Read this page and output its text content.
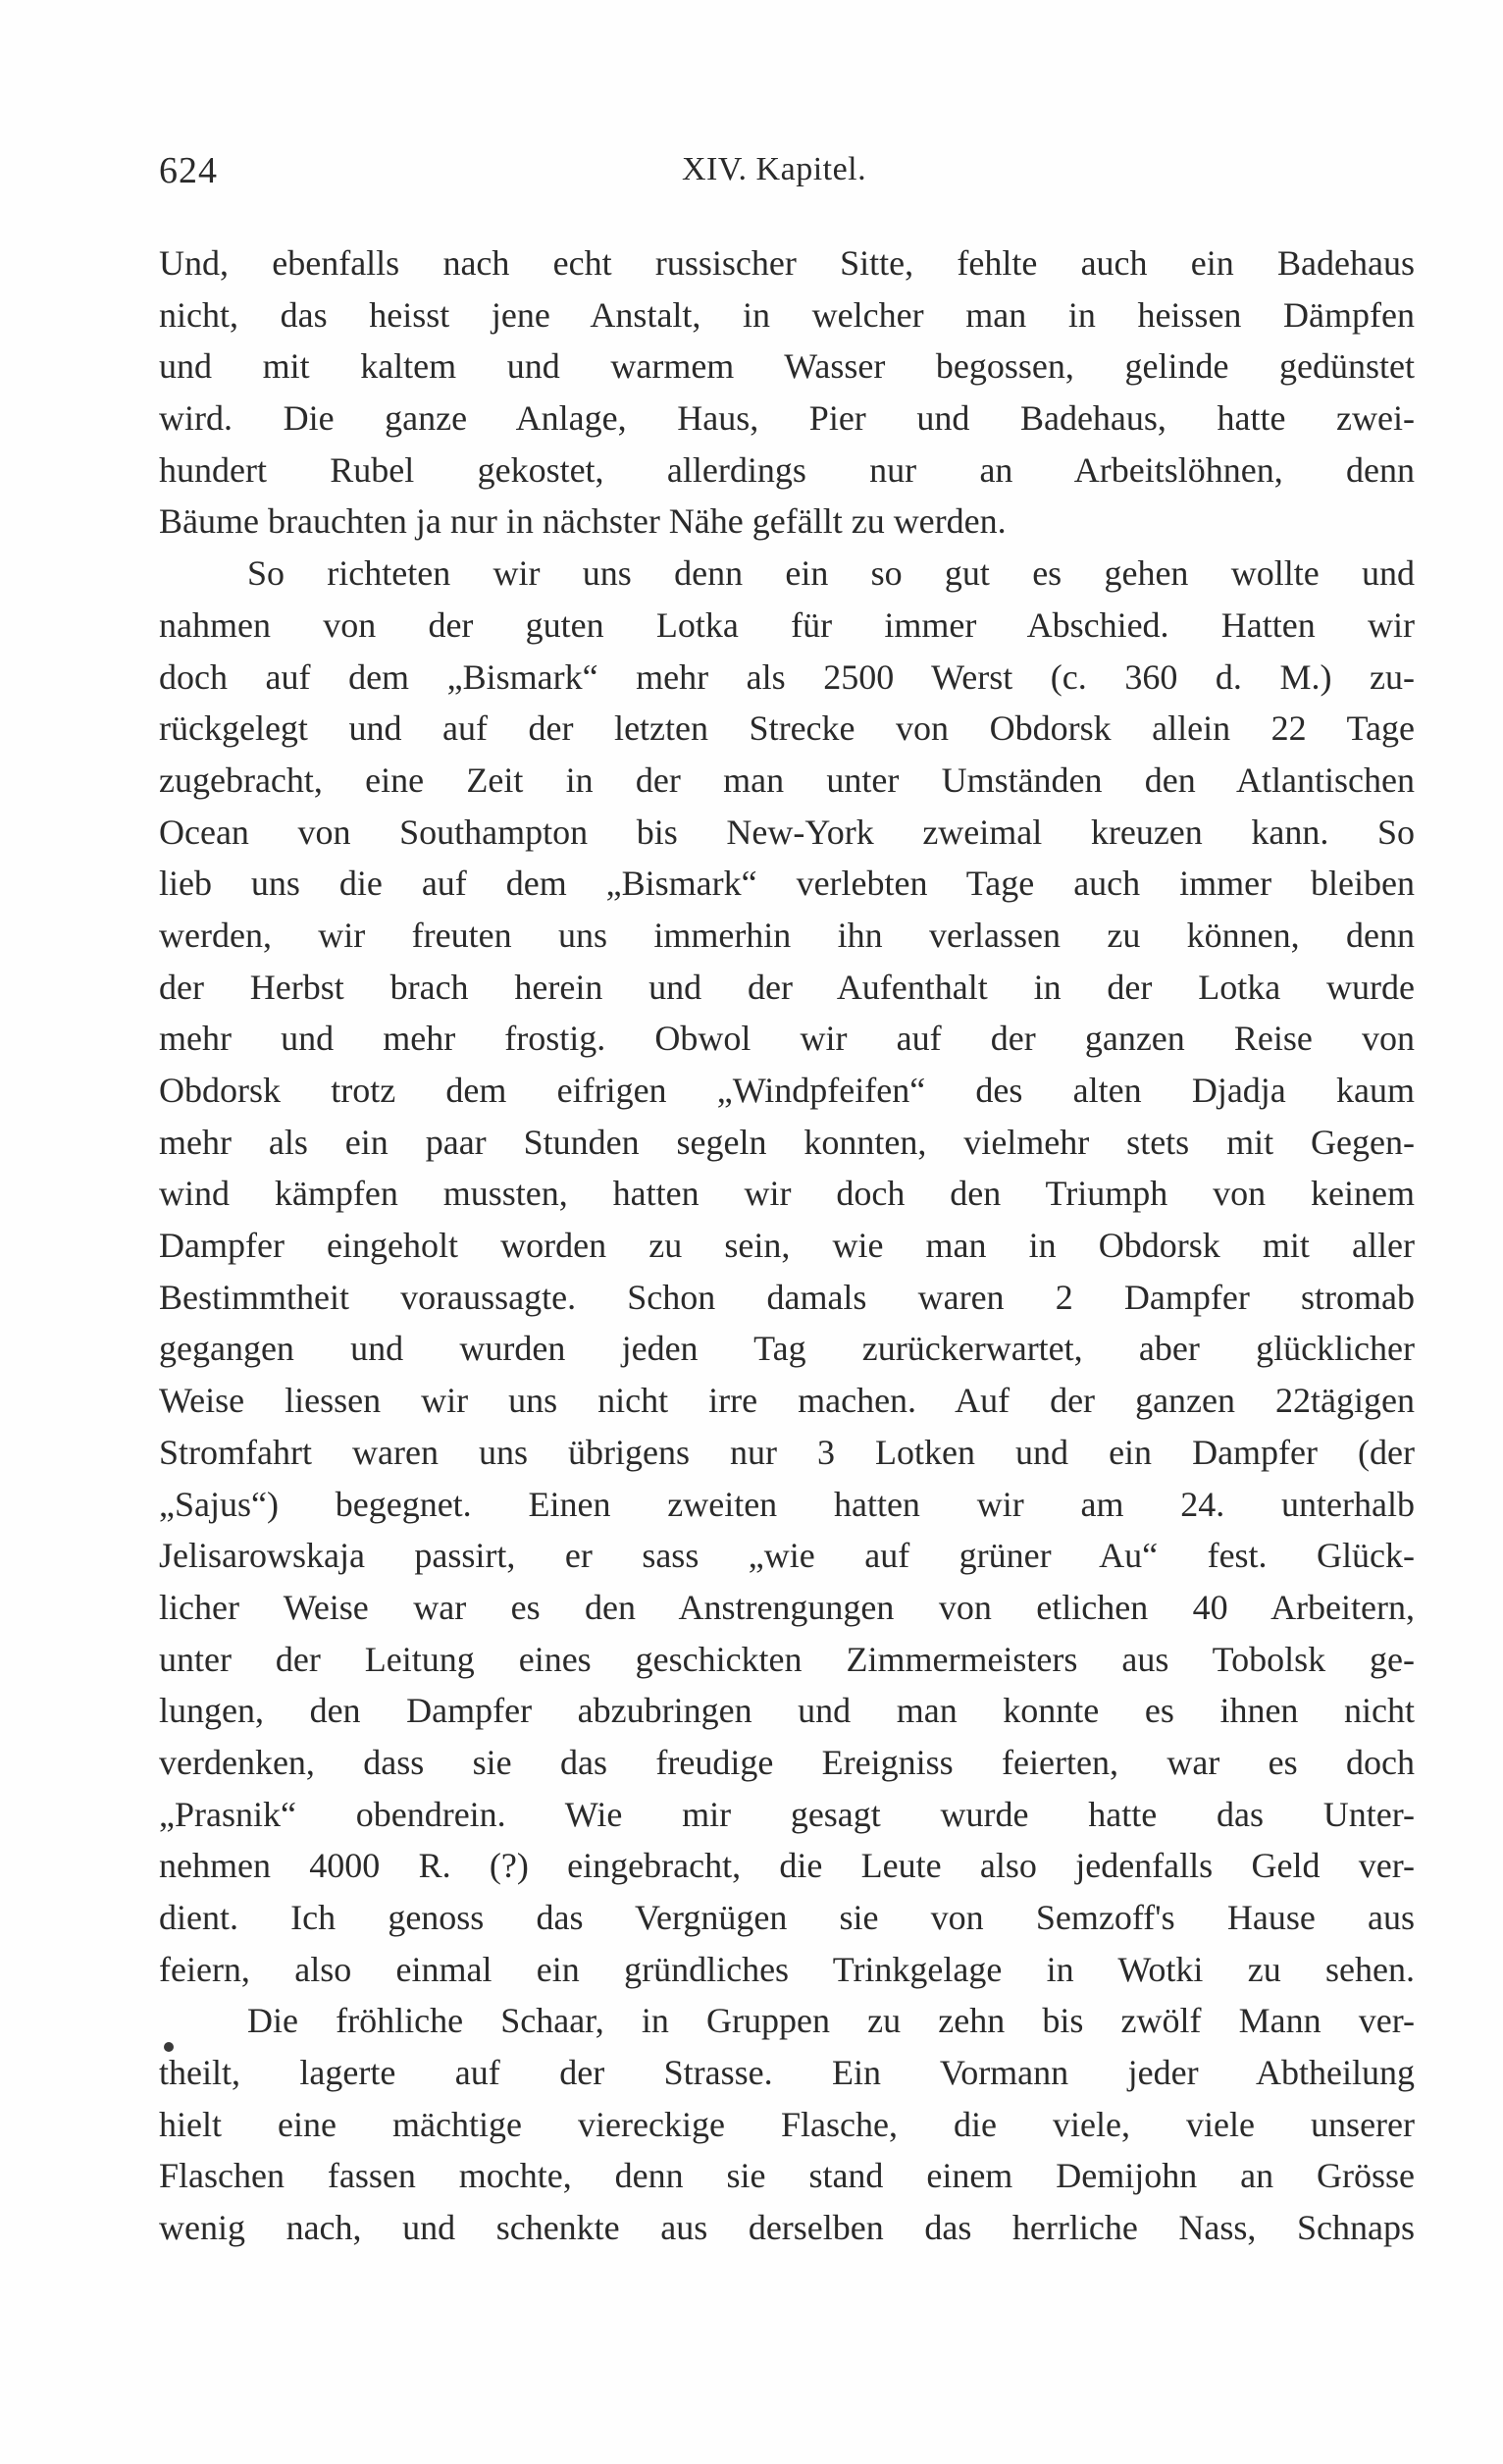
624	XIV. Kapitel.
Und, ebenfalls nach echt russischer Sitte, fehlte auch ein Badehaus
nicht, das heisst jene Anstalt, in welcher man in heissen Dämpfen
und mit kaltem und warmem Wasser begossen, gelinde gedünstet
wird. Die ganze Anlage, Haus, Pier und Badehaus, hatte zwei-
hundert Rubel gekostet, allerdings nur an Arbeitslöhnen, denn
Bäume brauchten ja nur in nächster Nähe gefällt zu werden.
So richteten wir uns denn ein so gut es gehen wollte und
nahmen von der guten Lotka für immer Abschied. Hatten wir
doch auf dem „Bismark“ mehr als 2500 Werst (c. 360 d. M.) zu-
rückgelegt und auf der letzten Strecke von Obdorsk allein 22 Tage
zugebracht, eine Zeit in der man unter Umständen den Atlantischen
Ocean von Southampton bis New-York zweimal kreuzen kann. So
lieb uns die auf dem „Bismark“ verlebten Tage auch immer bleiben
werden, wir freuten uns immerhin ihn verlassen zu können, denn
der Herbst brach herein und der Aufenthalt in der Lotka wurde
mehr und mehr frostig. Obwol wir auf der ganzen Reise von
Obdorsk trotz dem eifrigen „Windpfeifen“ des alten Djadja kaum
mehr als ein paar Stunden segeln konnten, vielmehr stets mit Gegen-
wind kämpfen mussten, hatten wir doch den Triumph von keinem
Dampfer eingeholt worden zu sein, wie man in Obdorsk mit aller
Bestimmtheit voraussagte. Schon damals waren 2 Dampfer stromab
gegangen und wurden jeden Tag zurückerwartet, aber glücklicher
Weise liessen wir uns nicht irre machen. Auf der ganzen 22tägigen
Stromfahrt waren uns übrigens nur 3 Lotken und ein Dampfer (der
„Sajus“) begegnet. Einen zweiten hatten wir am 24. unterhalb
Jelisarowskaja passirt, er sass „wie auf grüner Au“ fest. Glück-
licher Weise war es den Anstrengungen von etlichen 40 Arbeitern,
unter der Leitung eines geschickten Zimmermeisters aus Tobolsk ge-
lungen, den Dampfer abzubringen und man konnte es ihnen nicht
verdenken, dass sie das freudige Ereigniss feierten, war es doch
„Prasnik“ obendrein. Wie mir gesagt wurde hatte das Unter-
nehmen 4000 R. (?) eingebracht, die Leute also jedenfalls Geld ver-
dient. Ich genoss das Vergnügen sie von Semzoff's Hause aus
feiern, also einmal ein gründliches Trinkgelage in Wotki zu sehen.
Die fröhliche Schaar, in Gruppen zu zehn bis zwölf Mann ver-
theilt, lagerte auf der Strasse. Ein Vormann jeder Abtheilung
hielt eine mächtige viereckige Flasche, die viele, viele unserer
Flaschen fassen mochte, denn sie stand einem Demijohn an Grösse
wenig nach, und schenkte aus derselben das herrliche Nass, Schnaps
